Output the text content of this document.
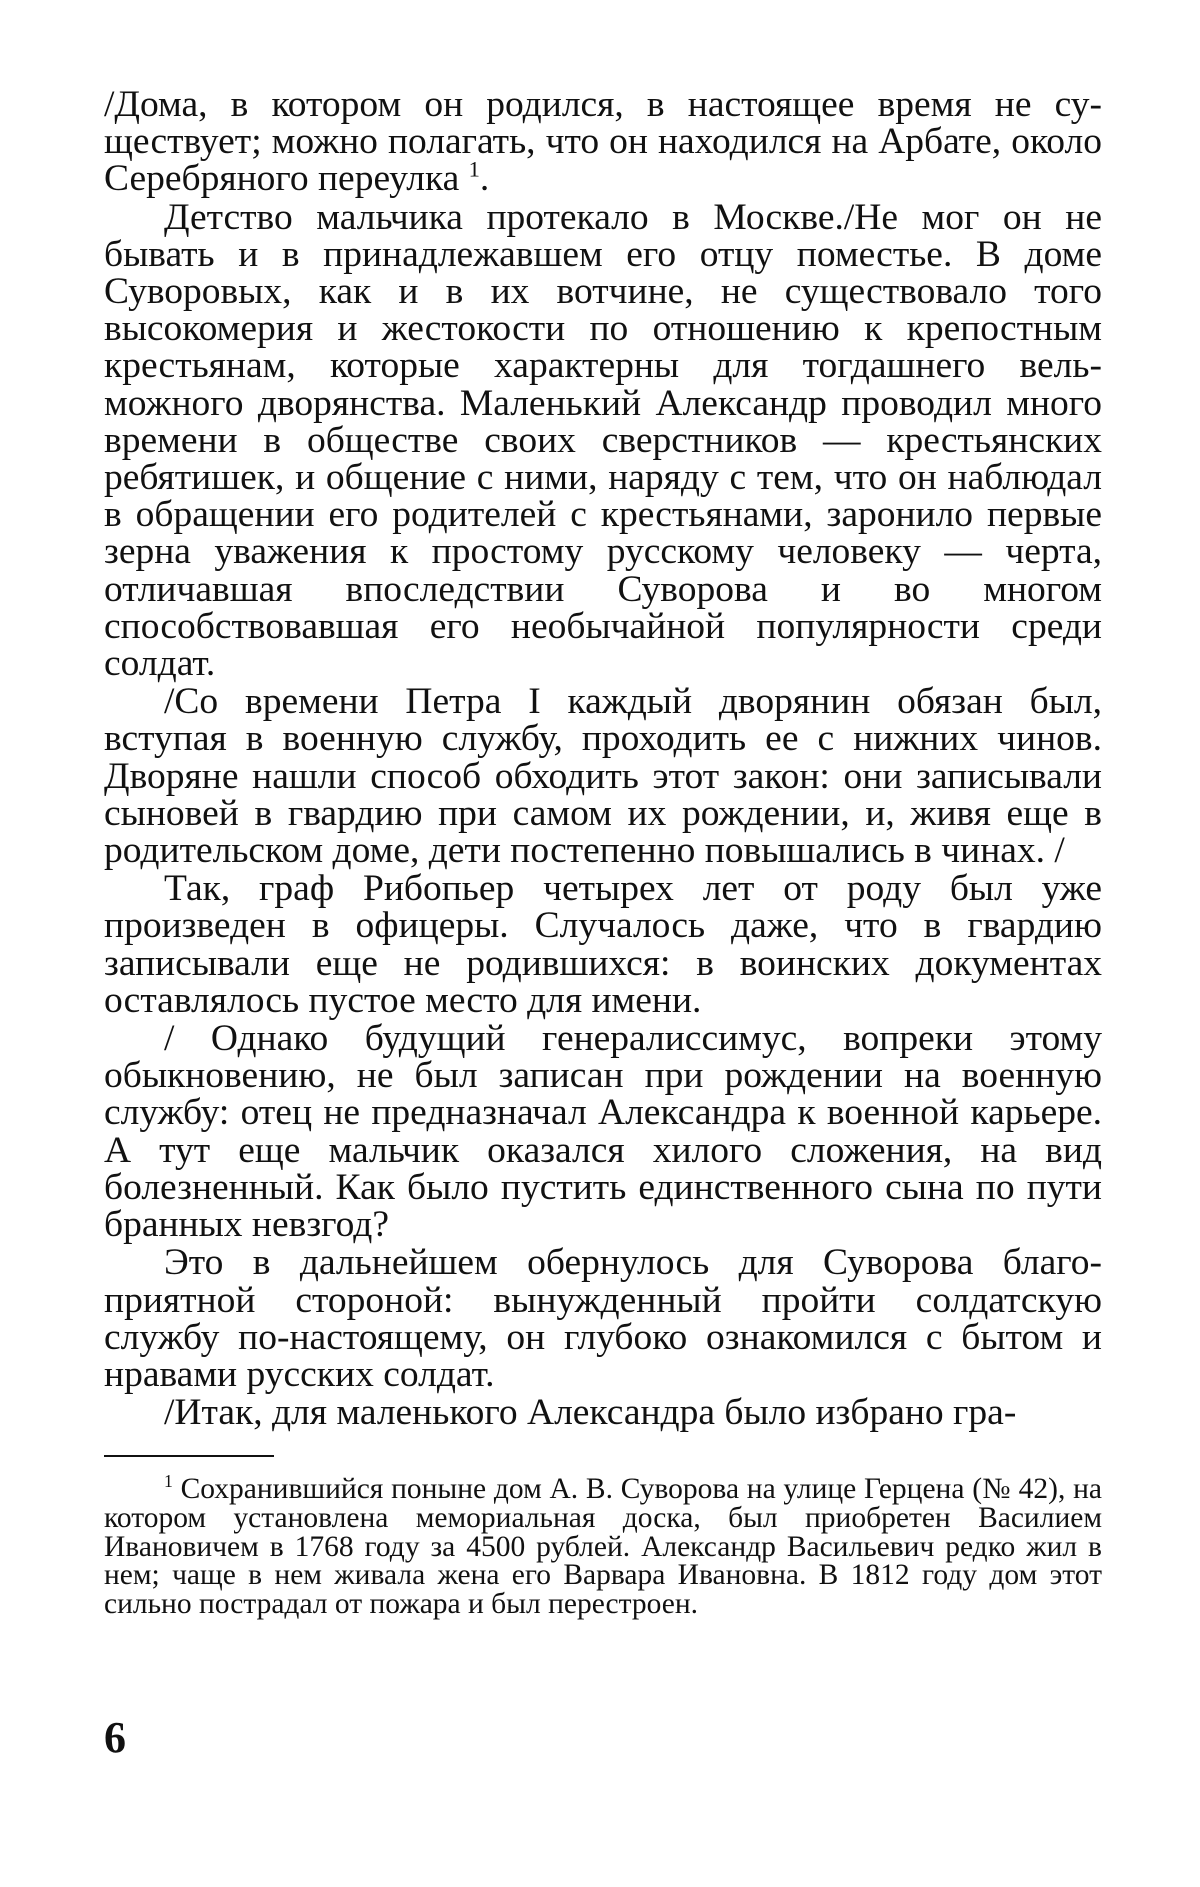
/Дома, в котором он родился, в настоящее время не существует; можно полагать, что он находился на Арбате, около Серебряного переулка $^1$.

Детство мальчика протекало в Москве./Не мог он не бывать и в принадлежавшем его отцу поместье. В доме Суворовых, как и в их вотчине, не существовало того высокомерия и жестокости по отношению к крепостным крестьянам, которые характерны для тогдашнего вельможного дворянства. Маленький Александр проводил много времени в обществе своих сверстников — крестьянских ребятишек, и общение с ними, наряду с тем, что он наблюдал в обращении его родителей с крестьянами, заронило первые зерна уважения к простому русскому человеку — черта, отличавшая впоследствии Суворова и во многом способствовавшая его необычайной популярности среди солдат.

/Со времени Петра I каждый дворянин обязан был, вступая в военную службу, проходить ее с нижних чинов. Дворяне нашли способ обходить этот закон: они записывали сыновей в гвардию при самом их рождении, и, живя еще в родительском доме, дети постепенно повышались в чинах. /

Так, граф Рибопьер четырех лет от роду был уже произведен в офицеры. Случалось даже, что в гвардию записывали еще не родившихся: в воинских документах оставлялось пустое место для имени.

/ Однако будущий генералиссимус, вопреки этому обыкновению, не был записан при рождении на военную службу: отец не предназначал Александра к военной карьере. А тут еще мальчик оказался хилого сложения, на вид болезненный. Как было пустить единственного сына по пути бранных невзгод?

Это в дальнейшем обернулось для Суворова благоприятной стороной: вынужденный пройти солдатскую службу по-настоящему, он глубоко ознакомился с бытом и нравами русских солдат.

/Итак, для маленького Александра было избрано гра-

$^1$ Сохранившийся поныне дом А. В. Суворова на улице Герцена (№ 42), на котором установлена мемориальная доска, был приобретен Василием Ивановичем в 1768 году за 4500 рублей. Александр Васильевич редко жил в нем; чаще в нем живала жена его Варвара Ивановна. В 1812 году дом этот сильно пострадал от пожара и был перестроен.

6
